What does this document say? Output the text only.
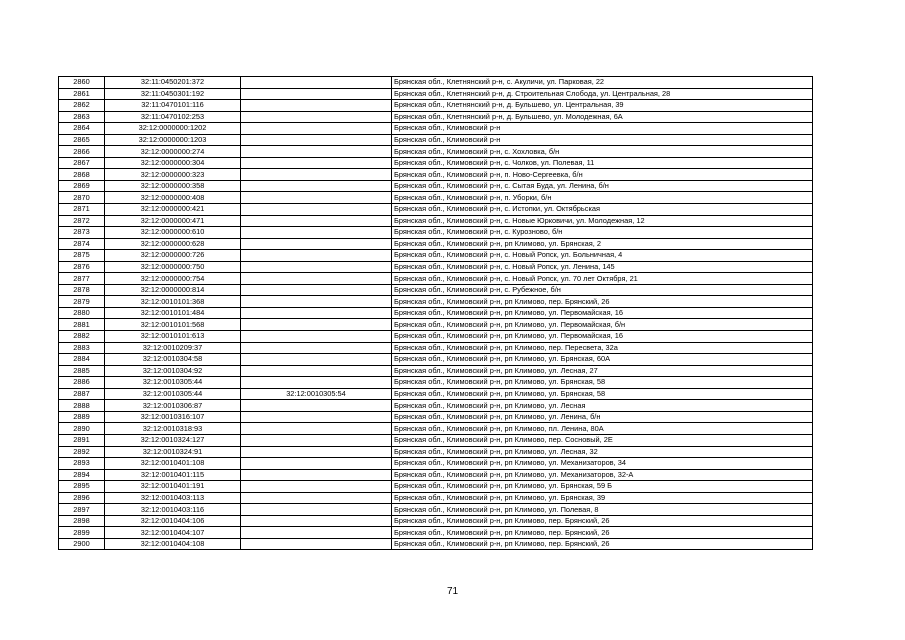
2860	32:11:0450201:372		Брянская обл., Клетнянский р-н, с. Акуличи, ул. Парковая, 22
2861	32:11:0450301:192		Брянская обл., Клетнянский р-н, д. Строительная Слобода, ул. Центральная, 28
2862	32:11:0470101:116		Брянская обл., Клетнянский р-н, д. Бульшево, ул. Центральная, 39
2863	32:11:0470102:253		Брянская обл., Клетнянский р-н, д. Бульшево, ул. Молодежная, 6А
2864	32:12:0000000:1202		Брянская обл., Климовский р-н
2865	32:12:0000000:1203		Брянская обл., Климовский р-н
2866	32:12:0000000:274		Брянская обл., Климовский р-н, с. Хохловка, б/н
2867	32:12:0000000:304		Брянская обл., Климовский р-н, с. Чолков, ул. Полевая, 11
2868	32:12:0000000:323		Брянская обл., Климовский р-н, п. Ново-Сергеевка, б/н
2869	32:12:0000000:358		Брянская обл., Климовский р-н, с. Сытая Буда, ул. Ленина, б/н
2870	32:12:0000000:408		Брянская обл., Климовский р-н, п. Уборки, б/н
2871	32:12:0000000:421		Брянская обл., Климовский р-н, с. Истопки, ул. Октябрьская
2872	32:12:0000000:471		Брянская обл., Климовский р-н, с. Новые Юрковичи, ул. Молодежная, 12
2873	32:12:0000000:610		Брянская обл., Климовский р-н, с. Курозново, б/н
2874	32:12:0000000:628		Брянская обл., Климовский р-н, рп Климово, ул. Брянская, 2
2875	32:12:0000000:726		Брянская обл., Климовский р-н, с. Новый Ропск, ул. Больничная, 4
2876	32:12:0000000:750		Брянская обл., Климовский р-н, с. Новый Ропск, ул. Ленина, 145
2877	32:12:0000000:754		Брянская обл., Климовский р-н, с. Новый Ропск, ул. 70 лет Октября, 21
2878	32:12:0000000:814		Брянская обл., Климовский р-н, с. Рубежное, б/н
2879	32:12:0010101:368		Брянская обл., Климовский р-н, рп Климово, пер. Брянский, 26
2880	32:12:0010101:484		Брянская обл., Климовский р-н, рп Климово, ул. Первомайская, 16
2881	32:12:0010101:568		Брянская обл., Климовский р-н, рп Климово, ул. Первомайская, б/н
2882	32:12:0010101:613		Брянская обл., Климовский р-н, рп Климово, ул. Первомайская, 16
2883	32:12:0010209:37		Брянская обл., Климовский р-н, рп Климово, пер. Пересвета, 32а
2884	32:12:0010304:58		Брянская обл., Климовский р-н, рп Климово, ул. Брянская, 60А
2885	32:12:0010304:92		Брянская обл., Климовский р-н, рп Климово, ул. Лесная, 27
2886	32:12:0010305:44		Брянская обл., Климовский р-н, рп Климово, ул. Брянская, 58
2887	32:12:0010305:44	32:12:0010305:54	Брянская обл., Климовский р-н, рп Климово, ул. Брянская, 58
2888	32:12:0010306:87		Брянская обл., Климовский р-н, рп Климово, ул. Лесная
2889	32:12:0010316:107		Брянская обл., Климовский р-н, рп Климово, ул. Ленина, б/н
2890	32:12:0010318:93		Брянская обл., Климовский р-н, рп Климово, пл. Ленина, 80А
2891	32:12:0010324:127		Брянская обл., Климовский р-н, рп Климово, пер. Сосновый, 2Е
2892	32:12:0010324:91		Брянская обл., Климовский р-н, рп Климово, ул. Лесная, 32
2893	32:12:0010401:108		Брянская обл., Климовский р-н, рп Климово, ул. Механизаторов, 34
2894	32:12:0010401:115		Брянская обл., Климовский р-н, рп Климово, ул. Механизаторов, 32-А
2895	32:12:0010401:191		Брянская обл., Климовский р-н, рп Климово, ул. Брянская, 59 Б
2896	32:12:0010403:113		Брянская обл., Климовский р-н, рп Климово, ул. Брянская, 39
2897	32:12:0010403:116		Брянская обл., Климовский р-н, рп Климово, ул. Полевая, 8
2898	32:12:0010404:106		Брянская обл., Климовский р-н, рп Климово, пер. Брянский, 26
2899	32:12:0010404:107		Брянская обл., Климовский р-н, рп Климово, пер. Брянский, 26
2900	32:12:0010404:108		Брянская обл., Климовский р-н, рп Климово, пер. Брянский, 26
71
